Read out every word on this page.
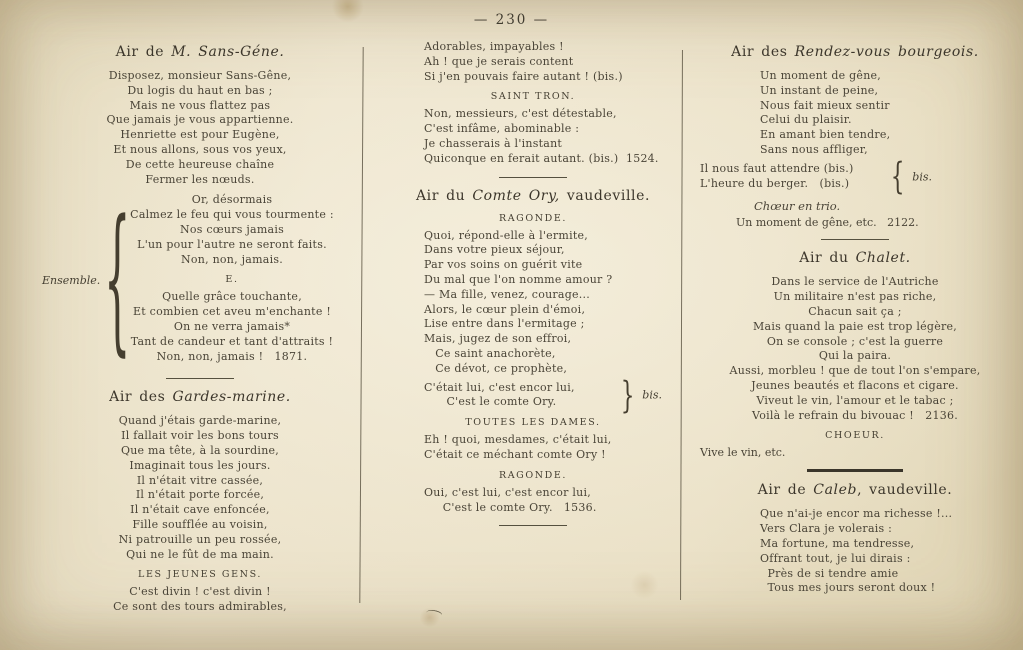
— 230 —
Air de M. Sans-Géne.
Disposez, monsieur Sans-Gêne,
Du logis du haut en bas ;
Mais ne vous flattez pas
Que jamais je vous appartienne.
Henriette est pour Eugène,
Et nous allons, sous vos yeux,
De cette heureuse chaîne
Fermer les nœuds.
Ensemble. {	Or, désormais
Calmez le feu qui vous tourmente :
Nos cœurs jamais
L'un pour l'autre ne seront faits.
Non, non, jamais.
E.
Quelle grâce touchante,
Et combien cet aveu m'enchante !
On ne verra jamais*
Tant de candeur et tant d'attraits !
Non, non, jamais !   1871.
Air des Gardes-marine.
Quand j'étais garde-marine,
Il fallait voir les bons tours
Que ma tête, à la sourdine,
Imaginait tous les jours.
Il n'était vitre cassée,
Il n'était porte forcée,
Il n'était cave enfoncée,
Fille soufflée au voisin,
Ni patrouille un peu rossée,
Qui ne le fût de ma main.
LES JEUNES GENS.
C'est divin ! c'est divin !
Ce sont des tours admirables,
Adorables, impayables !
Ah ! que je serais content
Si j'en pouvais faire autant ! (bis.)
SAINT TRON.
Non, messieurs, c'est détestable,
C'est infâme, abominable :
Je chasserais à l'instant
Quiconque en ferait autant. (bis.)  1524.
Air du Comte Ory, vaudeville.
RAGONDE.
Quoi, répond-elle à l'ermite,
Dans votre pieux séjour,
Par vos soins on guérit vite
Du mal que l'on nomme amour ?
— Ma fille, venez, courage...
Alors, le cœur plein d'émoi,
Lise entre dans l'ermitage ;
Mais, jugez de son effroi,
Ce saint anachorète,
Ce dévot, ce prophète,
C'était lui, c'est encor lui,
C'est le comte Ory.	} bis.
TOUTES LES DAMES.
Eh ! quoi, mesdames, c'était lui,
C'était ce méchant comte Ory !
RAGONDE.
Oui, c'est lui, c'est encor lui,
C'est le comte Ory.   1536.
Air des Rendez-vous bourgeois.
Un moment de gêne,
Un instant de peine,
Nous fait mieux sentir
Celui du plaisir.
En amant bien tendre,
Sans nous affliger,
Il nous faut attendre (bis.)
L'heure du berger.   (bis.)	{ bis.
Chœur en trio.
Un moment de gêne, etc.   2122.
Air du Chalet.
Dans le service de l'Autriche
Un militaire n'est pas riche,
Chacun sait ça ;
Mais quand la paie est trop légère,
On se console ; c'est la guerre
Qui la paira.
Aussi, morbleu ! que de tout l'on s'empare,
Jeunes beautés et flacons et cigare.
Viveut le vin, l'amour et le tabac ;
Voilà le refrain du bivouac !   2136.
CHOEUR.
Vive le vin, etc.
Air de Caleb, vaudeville.
Que n'ai-je encor ma richesse !...
Vers Clara je volerais :
Ma fortune, ma tendresse,
Offrant tout, je lui dirais :
Près de si tendre amie
Tous mes jours seront doux !
